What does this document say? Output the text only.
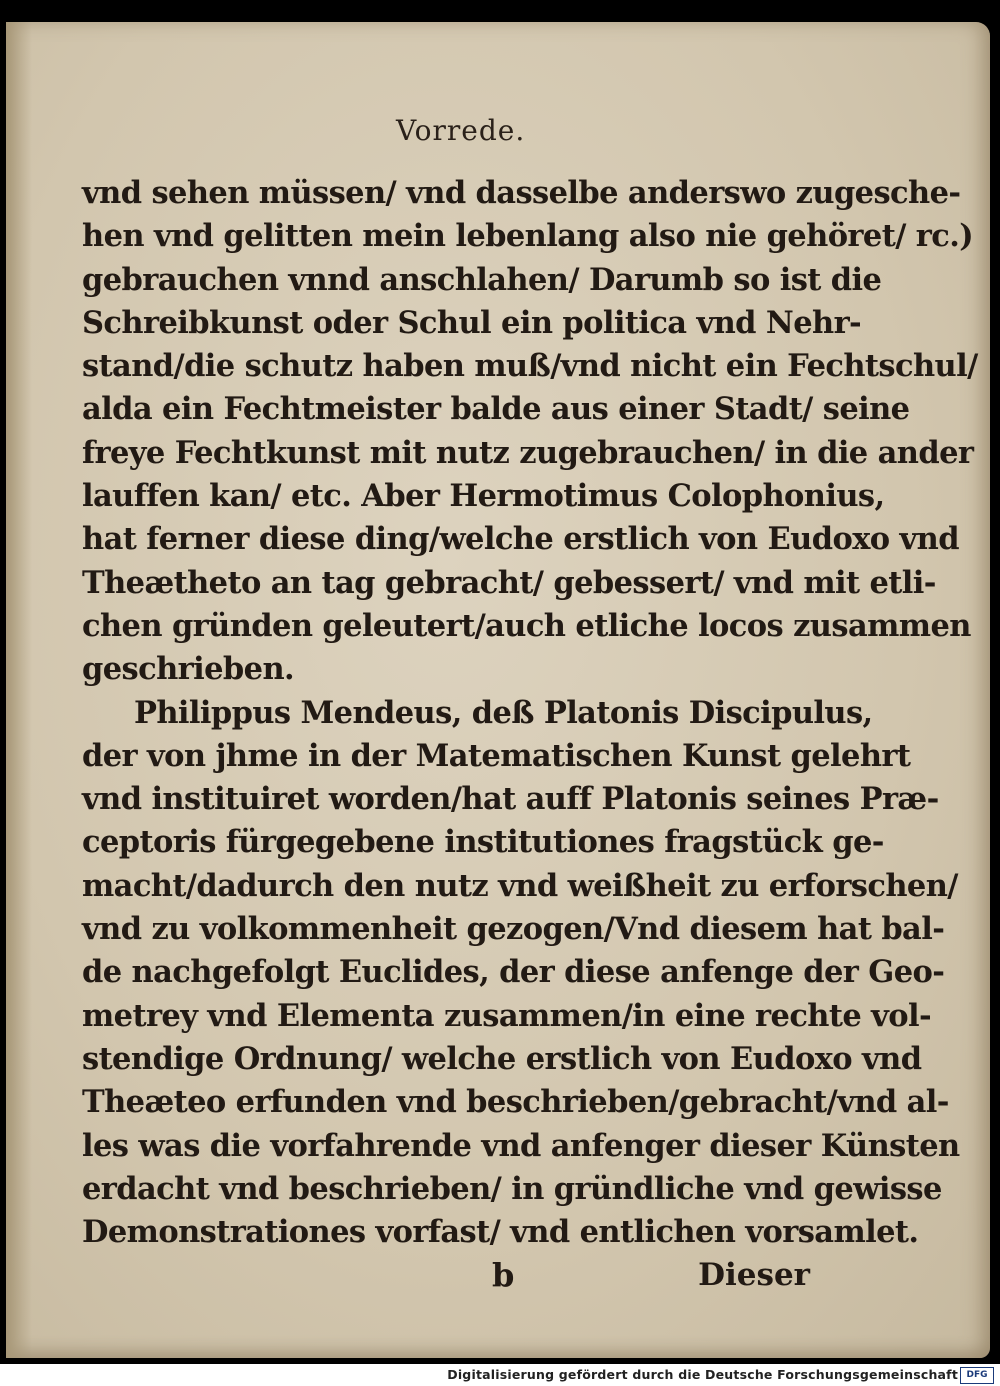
Vorrede.
vnd sehen müssen/ vnd dasselbe anderswo zugesche-
hen vnd gelitten mein lebenlang also nie gehöret/ rc.)
gebrauchen vnnd anschlahen/ Darumb so ist die
Schreibkunst oder Schul ein politica vnd Nehr-
stand/die schutz haben muß/vnd nicht ein Fechtschul/
alda ein Fechtmeister balde aus einer Stadt/ seine
freye Fechtkunst mit nutz zugebrauchen/ in die ander
lauffen kan/ etc. Aber Hermotimus Colophonius,
hat ferner diese ding/welche erstlich von Eudoxo vnd
Theætheto an tag gebracht/ gebessert/ vnd mit etli-
chen gründen geleutert/auch etliche locos zusammen
geschrieben.
Philippus Mendeus, deß Platonis Discipulus,
der von jhme in der Matematischen Kunst gelehrt
vnd instituiret worden/hat auff Platonis seines Præ-
ceptoris fürgegebene institutiones fragstück ge-
macht/dadurch den nutz vnd weißheit zu erforschen/
vnd zu volkommenheit gezogen/Vnd diesem hat bal-
de nachgefolgt Euclides, der diese anfenge der Geo-
metrey vnd Elementa zusammen/in eine rechte vol-
stendige Ordnung/ welche erstlich von Eudoxo vnd
Theæteo erfunden vnd beschrieben/gebracht/vnd al-
les was die vorfahrende vnd anfenger dieser Künsten
erdacht vnd beschrieben/ in gründliche vnd gewisse
Demonstrationes vorfast/ vnd entlichen vorsamlet.
b	Dieser
Digitalisierung gefördert durch die Deutsche Forschungsgemeinschaft DFG
